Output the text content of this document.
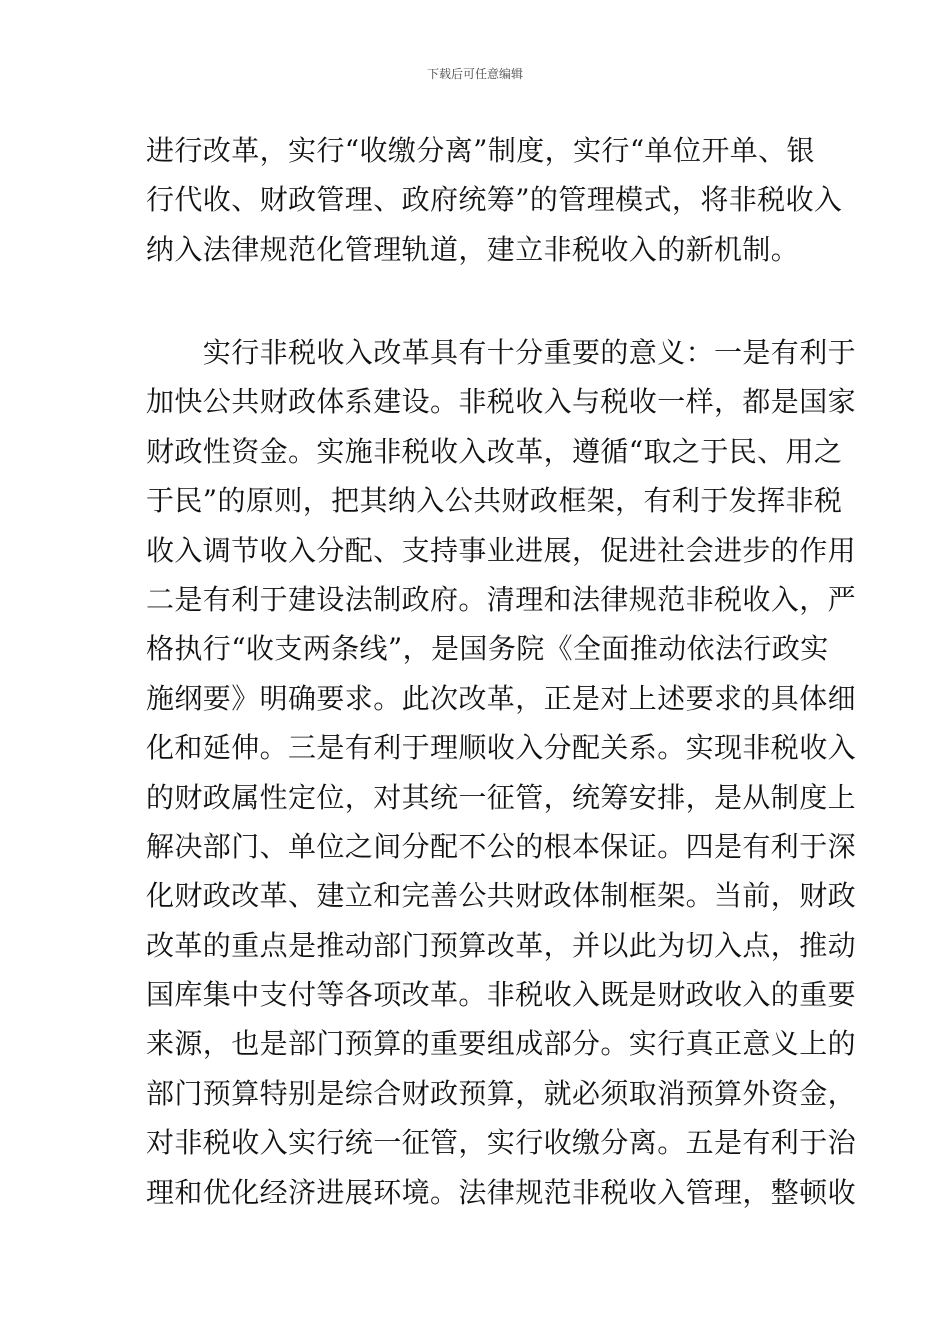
下载后可任意编辑
进行改革，实行“收缴分离”制度，实行“单位开单、银
行代收、财政管理、政府统筹”的管理模式，将非税收入
纳入法律规范化管理轨道，建立非税收入的新机制。
　　实行非税收入改革具有十分重要的意义：一是有利于
加快公共财政体系建设。非税收入与税收一样，都是国家
财政性资金。实施非税收入改革，遵循“取之于民、用之
于民”的原则，把其纳入公共财政框架，有利于发挥非税
收入调节收入分配、支持事业进展，促进社会进步的作用
二是有利于建设法制政府。清理和法律规范非税收入，严
格执行“收支两条线”，是国务院《全面推动依法行政实
施纲要》明确要求。此次改革，正是对上述要求的具体细
化和延伸。三是有利于理顺收入分配关系。实现非税收入
的财政属性定位，对其统一征管，统筹安排，是从制度上
解决部门、单位之间分配不公的根本保证。四是有利于深
化财政改革、建立和完善公共财政体制框架。当前，财政
改革的重点是推动部门预算改革，并以此为切入点，推动
国库集中支付等各项改革。非税收入既是财政收入的重要
来源，也是部门预算的重要组成部分。实行真正意义上的
部门预算特别是综合财政预算，就必须取消预算外资金，
对非税收入实行统一征管，实行收缴分离。五是有利于治
理和优化经济进展环境。法律规范非税收入管理，整顿收
